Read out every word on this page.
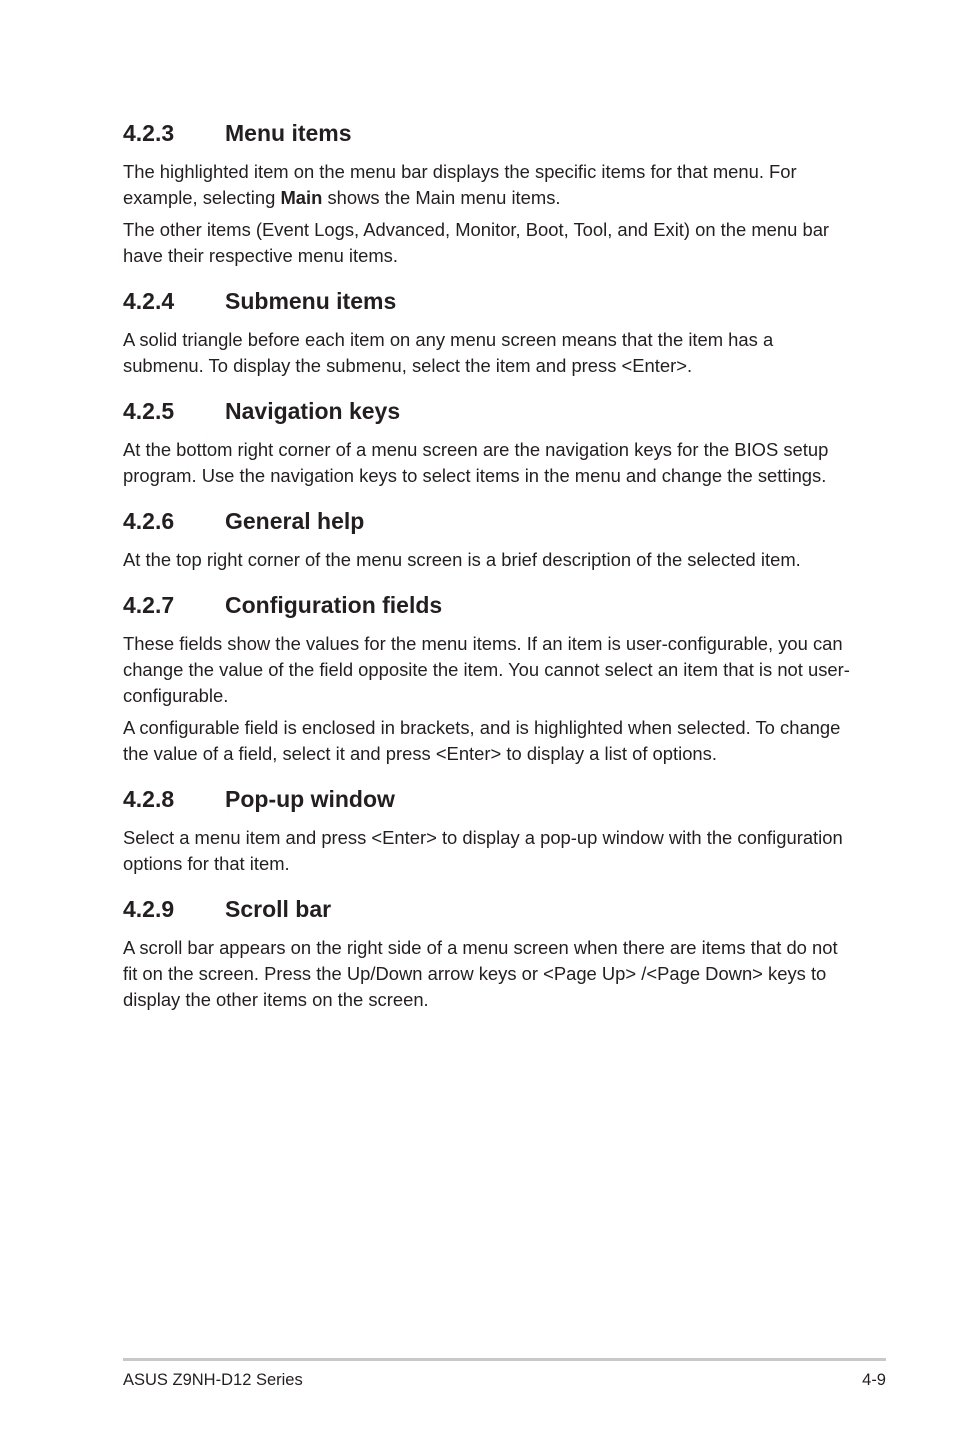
4.2.3 Menu items

The highlighted item on the menu bar displays the specific items for that menu. For example, selecting Main shows the Main menu items.

The other items (Event Logs, Advanced, Monitor, Boot, Tool, and Exit) on the menu bar have their respective menu items.

4.2.4 Submenu items

A solid triangle before each item on any menu screen means that the item has a submenu. To display the submenu, select the item and press <Enter>.

4.2.5 Navigation keys

At the bottom right corner of a menu screen are the navigation keys for the BIOS setup program. Use the navigation keys to select items in the menu and change the settings.

4.2.6 General help

At the top right corner of the menu screen is a brief description of the selected item.

4.2.7 Configuration fields

These fields show the values for the menu items. If an item is user-configurable, you can change the value of the field opposite the item. You cannot select an item that is not user-configurable.

A configurable field is enclosed in brackets, and is highlighted when selected. To change the value of a field, select it and press <Enter> to display a list of options.

4.2.8 Pop-up window

Select a menu item and press <Enter> to display a pop-up window with the configuration options for that item.

4.2.9 Scroll bar

A scroll bar appears on the right side of a menu screen when there are items that do not fit on the screen. Press the Up/Down arrow keys or <Page Up> /<Page Down> keys to display the other items on the screen.

ASUS Z9NH-D12 Series	4-9
